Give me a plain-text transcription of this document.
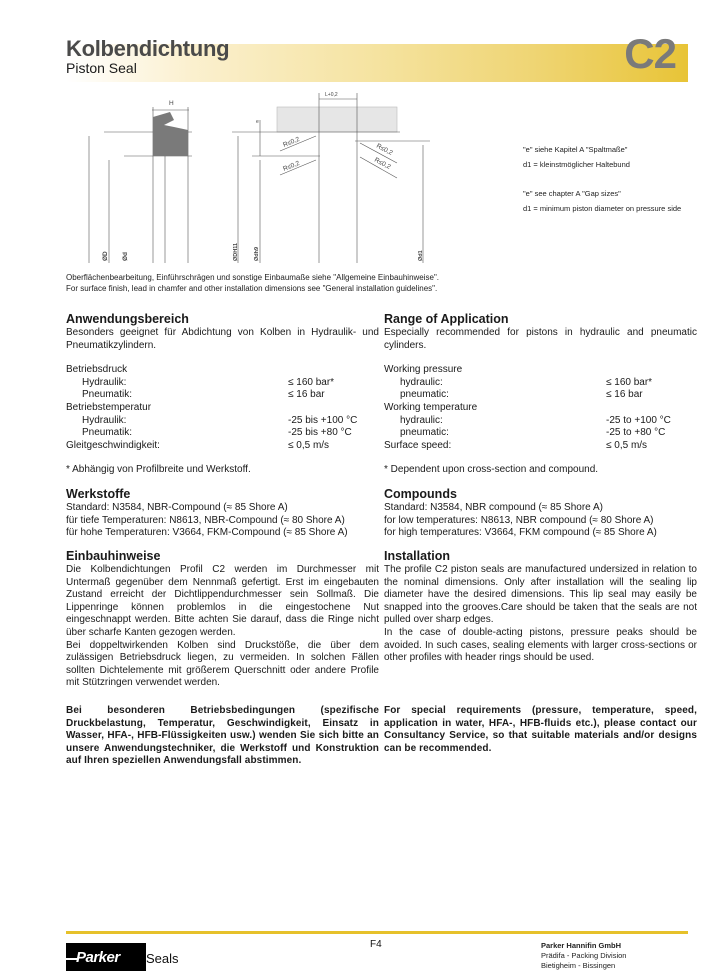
Kolbendichtung
Piston Seal	C2
H
L+0,2
e
R≤0,2
R≤0,2
R≤0,2
R≤0,2
ØD Ød	ØDH11	Ødh9	Ød1

"e" siehe Kapitel A "Spaltmaße"

d1 = kleinstmöglicher Haltebund

"e" see chapter A "Gap sizes"

d1 = minimum piston diameter on pressure side

Oberflächenbearbeitung, Einführschrägen und sonstige Einbaumaße siehe "Allgemeine Einbauhinweise".
For surface finish, lead in chamfer and other installation dimensions see "General installation guidelines".
Anwendungsbereich

Besonders geeignet für Abdichtung von Kolben in Hydraulik- und Pneumatikzylindern.

Betriebsdruck
Hydraulik:	≤ 160 bar*
Pneumatik:	≤ 16 bar
Betriebstemperatur
Hydraulik:	-25 bis +100 °C
Pneumatik:	-25 bis +80 °C
Gleitgeschwindigkeit:	≤ 0,5 m/s

* Abhängig von Profilbreite und Werkstoff.

Werkstoffe
Standard: N3584, NBR-Compound (≈ 85 Shore A)
für tiefe Temperaturen: N8613, NBR-Compound (≈ 80 Shore A)
für hohe Temperaturen: V3664, FKM-Compound (≈ 85 Shore A)
Einbauhinweise

Die Kolbendichtungen Profil C2 werden im Durchmesser mit Untermaß gegenüber dem Nennmaß gefertigt. Erst im eingebauten Zustand erreicht der Dichtlippendurchmesser sein Sollmaß. Die Lippenringe können problemlos in die eingestochene Nut eingeschnappt werden. Bitte achten Sie darauf, dass die Ringe nicht über scharfe Kanten gezogen werden.

Bei doppeltwirkenden Kolben sind Druckstöße, die über dem zulässigen Betriebsdruck liegen, zu vermeiden. In solchen Fällen sollten Dichtelemente mit größerem Querschnitt oder andere Profile mit Stützringen verwendet werden.

Bei besonderen Betriebsbedingungen (spezifische Druckbelastung, Temperatur, Geschwindigkeit, Einsatz in Wasser, HFA-, HFB-Flüssigkeiten usw.) wenden Sie sich bitte an unsere Anwendungstechniker, die Werkstoff und Konstruktion auf Ihren speziellen Anwendungsfall abstimmen.

Range of Application

Especially recommended for pistons in hydraulic and pneumatic cylinders.

Working pressure
hydraulic:	≤ 160 bar*
pneumatic:	≤ 16 bar
Working temperature
hydraulic:	-25 to +100 °C
pneumatic:	-25 to +80 °C
Surface speed:	≤ 0,5 m/s

* Dependent upon cross-section and compound.

Compounds
Standard: N3584, NBR compound (≈ 85 Shore A)
for low temperatures: N8613, NBR compound (≈ 80 Shore A)
for high temperatures: V3664, FKM compound (≈ 85 Shore A)
Installation

The profile C2 piston seals are manufactured undersized in relation to the nominal dimensions. Only after installation will the sealing lip diameter have the desired dimensions. This lip seal may easily be snapped into the grooves.Care should be taken that the seals are not pulled over sharp edges.

In the case of double-acting pistons, pressure peaks should be avoided. In such cases, sealing elements with larger cross-sections or other profiles with header rings should be used.

For special requirements (pressure, temperature, speed, application in water, HFA-, HFB-fluids etc.), please contact our Consultancy Service, so that suitable materials and/or designs can be recommended.

Parker Seals
F4	Parker Hannifin GmbH
Prädifa - Packing Division
Bietigheim - Bissingen
